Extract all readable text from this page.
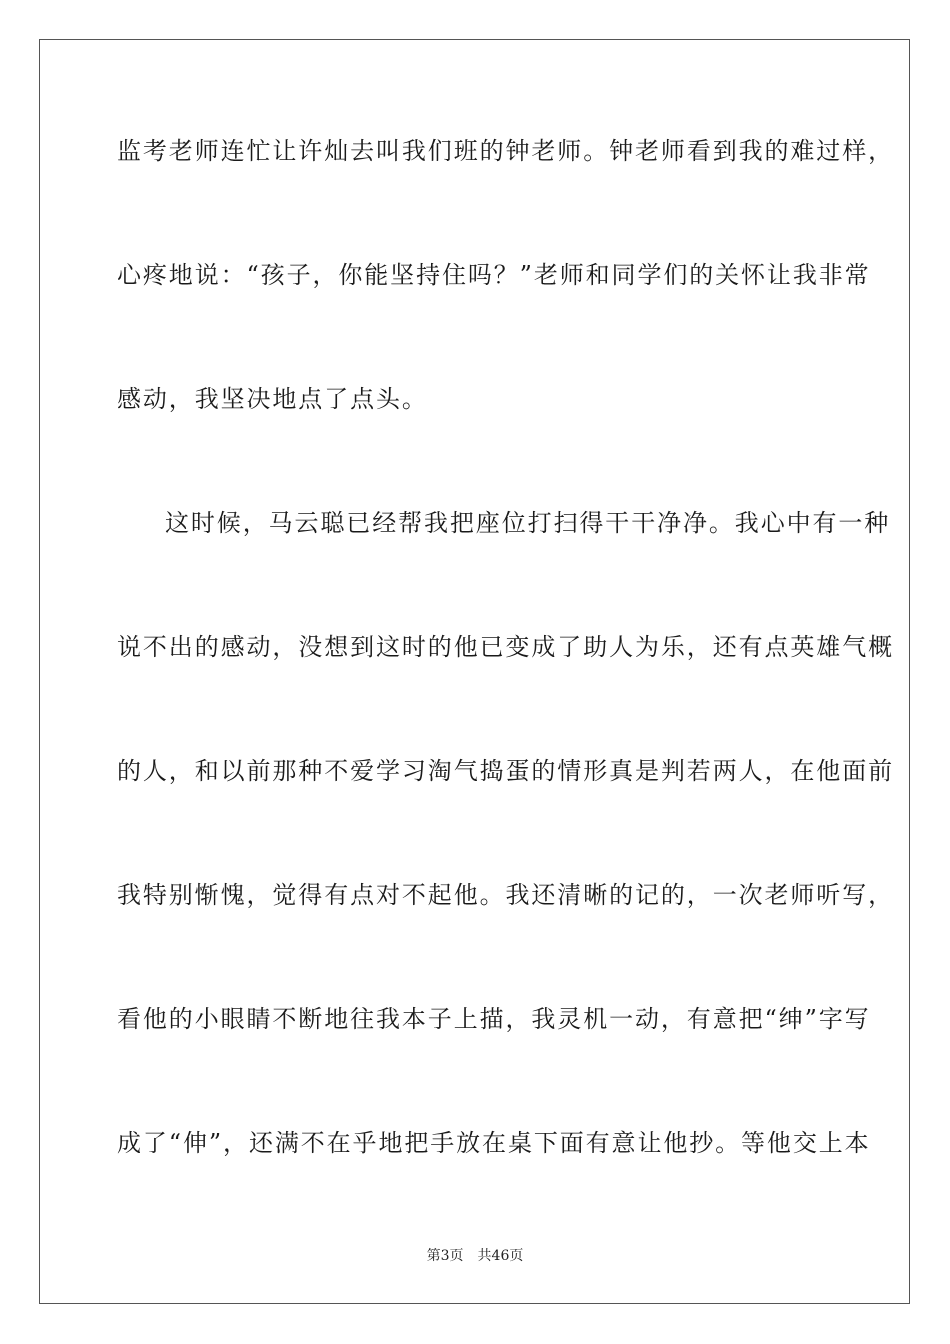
监考老师连忙让许灿去叫我们班的钟老师。钟老师看到我的难过样，
心疼地说：“孩子，你能坚持住吗？”老师和同学们的关怀让我非常
感动，我坚决地点了点头。
这时候，马云聪已经帮我把座位打扫得干干净净。我心中有一种
说不出的感动，没想到这时的他已变成了助人为乐，还有点英雄气概
的人，和以前那种不爱学习淘气捣蛋的情形真是判若两人，在他面前
我特别惭愧，觉得有点对不起他。我还清晰的记的，一次老师听写，
看他的小眼睛不断地往我本子上描，我灵机一动，有意把“绅”字写
成了“伸”，还满不在乎地把手放在桌下面有意让他抄。等他交上本
第3页 共46页
